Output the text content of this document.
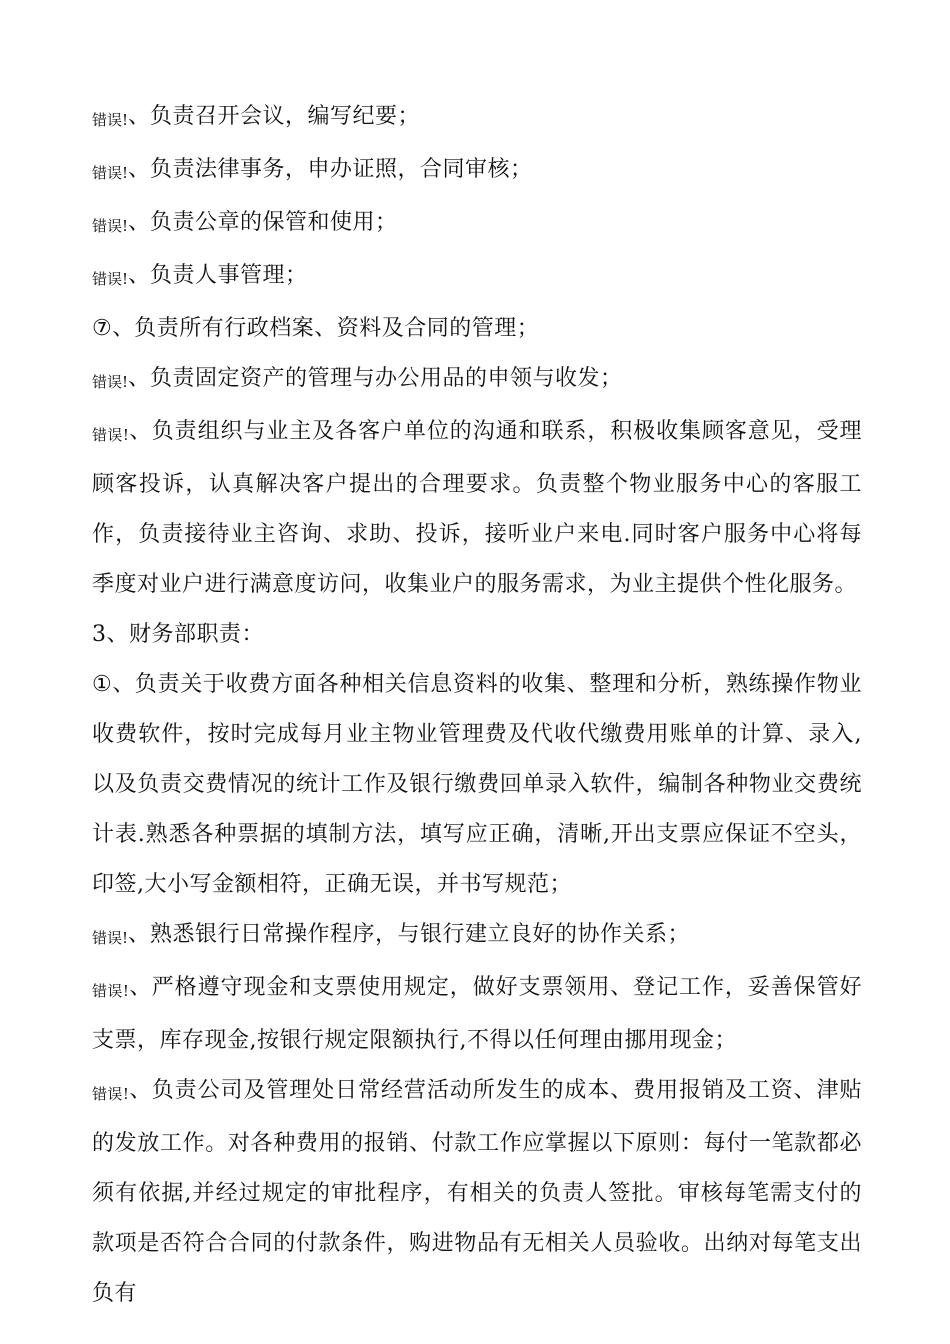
错误!、负责召开会议，编写纪要；

错误!、负责法律事务，申办证照，合同审核；

错误!、负责公章的保管和使用；

错误!、负责人事管理；

⑦、负责所有行政档案、资料及合同的管理；

错误!、负责固定资产的管理与办公用品的申领与收发；

错误!、负责组织与业主及各客户单位的沟通和联系，积极收集顾客意见，受理顾客投诉，认真解决客户提出的合理要求。负责整个物业服务中心的客服工作，负责接待业主咨询、求助、投诉，接听业户来电.同时客户服务中心将每季度对业户进行满意度访问，收集业户的服务需求，为业主提供个性化服务。

3、财务部职责：

①、负责关于收费方面各种相关信息资料的收集、整理和分析，熟练操作物业收费软件，按时完成每月业主物业管理费及代收代缴费用账单的计算、录入,以及负责交费情况的统计工作及银行缴费回单录入软件，编制各种物业交费统计表.熟悉各种票据的填制方法，填写应正确，清晰,开出支票应保证不空头，印签,大小写金额相符，正确无误，并书写规范；

错误!、熟悉银行日常操作程序，与银行建立良好的协作关系；

错误!、严格遵守现金和支票使用规定，做好支票领用、登记工作，妥善保管好支票，库存现金,按银行规定限额执行,不得以任何理由挪用现金；

错误!、负责公司及管理处日常经营活动所发生的成本、费用报销及工资、津贴的发放工作。对各种费用的报销、付款工作应掌握以下原则：每付一笔款都必须有依据,并经过规定的审批程序，有相关的负责人签批。审核每笔需支付的款项是否符合合同的付款条件，购进物品有无相关人员验收。出纳对每笔支出负有
